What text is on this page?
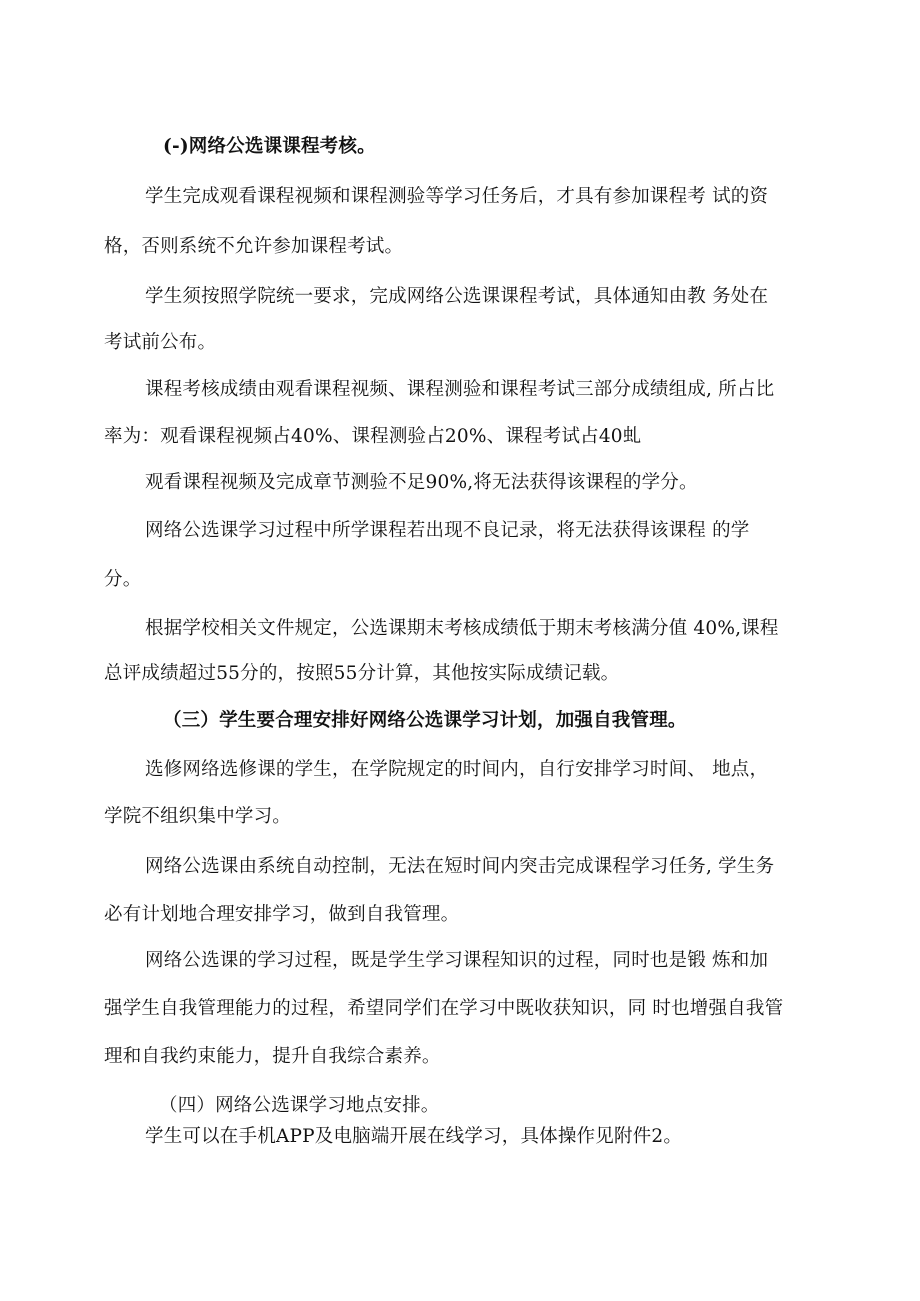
(-)网络公选课课程考核。
学生完成观看课程视频和课程测验等学习任务后，才具有参加课程考 试的资
格，否则系统不允许参加课程考试。
学生须按照学院统一要求，完成网络公选课课程考试，具体通知由教 务处在
考试前公布。
课程考核成绩由观看课程视频、课程测验和课程考试三部分成绩组成, 所占比
率为：观看课程视频占40%、课程测验占20%、课程考试占40虬
观看课程视频及完成章节测验不足90%,将无法获得该课程的学分。
网络公选课学习过程中所学课程若出现不良记录，将无法获得该课程 的学
分。
根据学校相关文件规定，公选课期末考核成绩低于期末考核满分值 40%,课程
总评成绩超过55分的，按照55分计算，其他按实际成绩记载。
（三）学生要合理安排好网络公选课学习计划，加强自我管理。
选修网络选修课的学生，在学院规定的时间内，自行安排学习时间、 地点，
学院不组织集中学习。
网络公选课由系统自动控制，无法在短时间内突击完成课程学习任务, 学生务
必有计划地合理安排学习，做到自我管理。
网络公选课的学习过程，既是学生学习课程知识的过程，同时也是锻 炼和加
强学生自我管理能力的过程，希望同学们在学习中既收获知识，同 时也增强自我管
理和自我约束能力，提升自我综合素养。
（四）网络公选课学习地点安排。
学生可以在手机APP及电脑端开展在线学习，具体操作见附件2。
